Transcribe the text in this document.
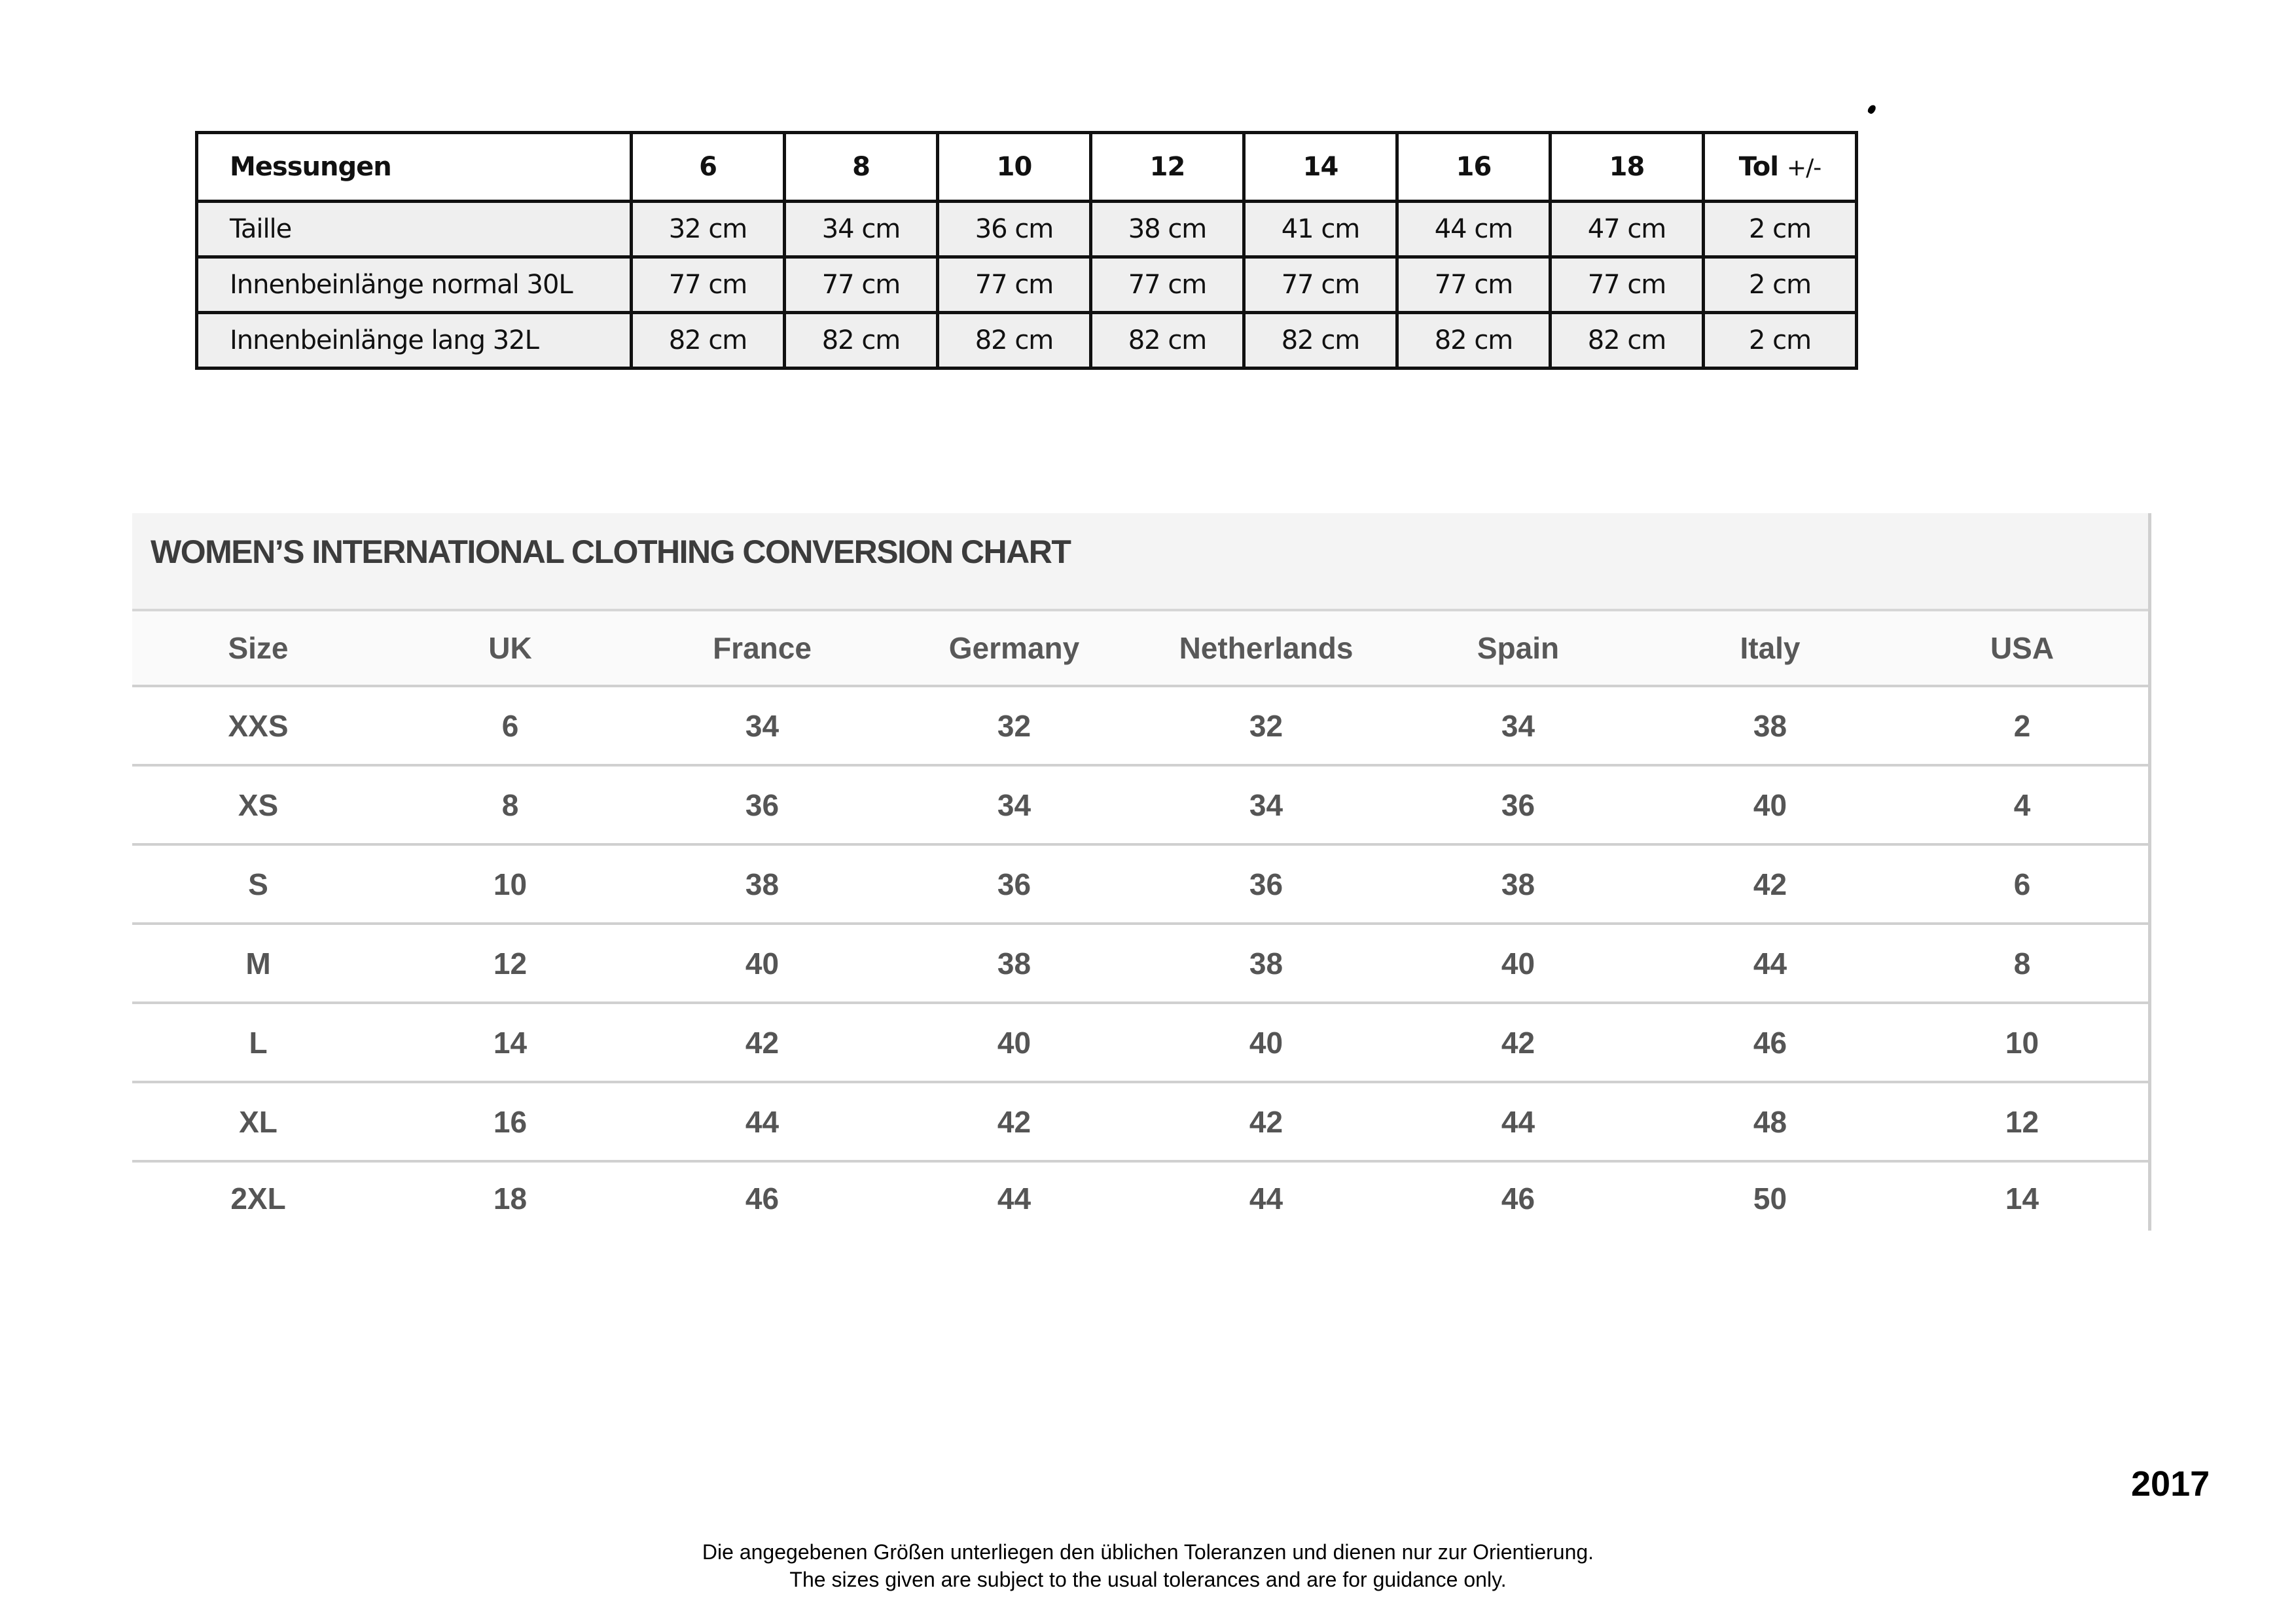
Messungen	6	8	10	12	14	16	18	Tol +/-
Taille	32 cm	34 cm	36 cm	38 cm	41 cm	44 cm	47 cm	2 cm
Innenbeinlänge normal 30L	77 cm	77 cm	77 cm	77 cm	77 cm	77 cm	77 cm	2 cm
Innenbeinlänge lang 32L	82 cm	82 cm	82 cm	82 cm	82 cm	82 cm	82 cm	2 cm
WOMEN’S INTERNATIONAL CLOTHING CONVERSION CHART
Size	UK	France	Germany	Netherlands	Spain	Italy	USA
XXS	6	34	32	32	34	38	2
XS	8	36	34	34	36	40	4
S	10	38	36	36	38	42	6
M	12	40	38	38	40	44	8
L	14	42	40	40	42	46	10
XL	16	44	42	42	44	48	12
2XL	18	46	44	44	46	50	14
2017
Die angegebenen Größen unterliegen den üblichen Toleranzen und dienen nur zur Orientierung.
The sizes given are subject to the usual tolerances and are for guidance only.
